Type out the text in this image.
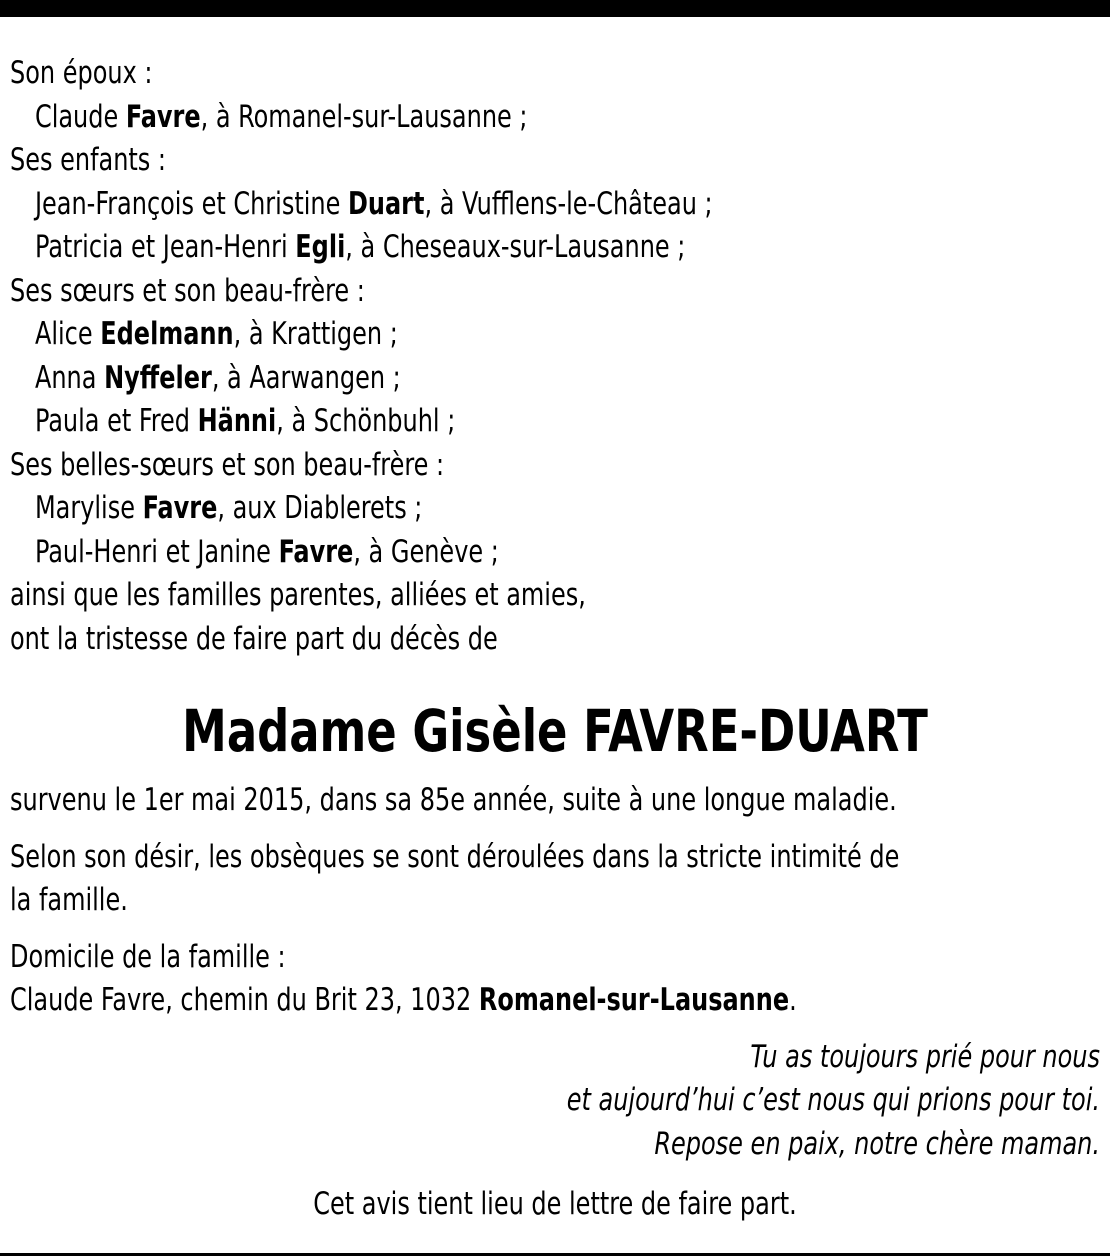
Son époux :
Claude Favre, à Romanel-sur-Lausanne ;
Ses enfants :
Jean-François et Christine Duart, à Vufflens-le-Château ;
Patricia et Jean-Henri Egli, à Cheseaux-sur-Lausanne ;
Ses sœurs et son beau-frère :
Alice Edelmann, à Krattigen ;
Anna Nyffeler, à Aarwangen ;
Paula et Fred Hänni, à Schönbuhl ;
Ses belles-sœurs et son beau-frère :
Marylise Favre, aux Diablerets ;
Paul-Henri et Janine Favre, à Genève ;
ainsi que les familles parentes, alliées et amies,
ont la tristesse de faire part du décès de
Madame Gisèle FAVRE-DUART
survenu le 1er mai 2015, dans sa 85e année, suite à une longue maladie.
Selon son désir, les obsèques se sont déroulées dans la stricte intimité de
la famille.
Domicile de la famille :
Claude Favre, chemin du Brit 23, 1032 Romanel-sur-Lausanne.
Tu as toujours prié pour nous
et aujourd’hui c’est nous qui prions pour toi.
Repose en paix, notre chère maman.
Cet avis tient lieu de lettre de faire part.
